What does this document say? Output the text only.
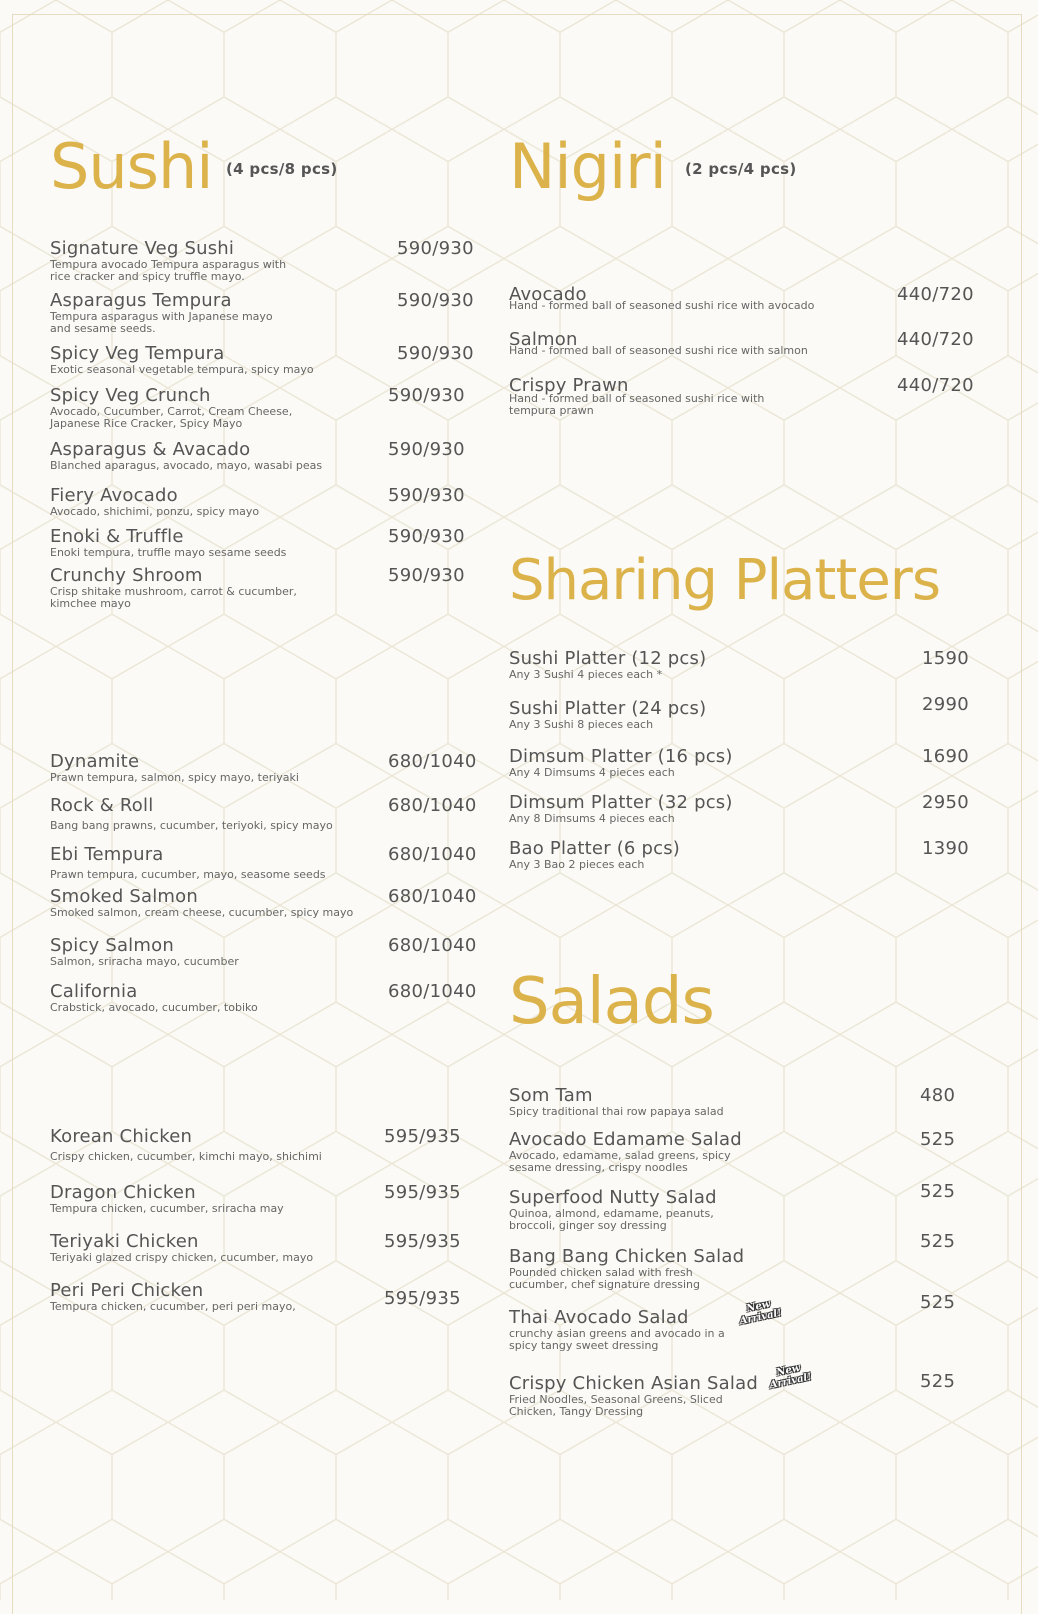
Sushi (4 pcs/8 pcs)	Nigiri (2 pcs/4 pcs)
Sharing Platters
Salads
Signature Veg Sushi
Tempura avocado Tempura asparagus with
rice cracker and spicy truffle mayo.
590/930
Asparagus Tempura
Tempura asparagus with Japanese mayo
and sesame seeds.
590/930
Spicy Veg Tempura
Exotic seasonal vegetable tempura, spicy mayo
590/930
Spicy Veg Crunch
Avocado, Cucumber, Carrot, Cream Cheese,
Japanese Rice Cracker, Spicy Mayo
590/930
Asparagus & Avacado
Blanched aparagus, avocado, mayo, wasabi peas
590/930
Fiery Avocado
Avocado, shichimi, ponzu, spicy mayo
590/930
Enoki & Truffle
Enoki tempura, truffle mayo sesame seeds
590/930
Crunchy Shroom
Crisp shitake mushroom, carrot & cucumber,
kimchee mayo
590/930
Dynamite
Prawn tempura, salmon, spicy mayo, teriyaki
680/1040
Rock & Roll
Bang bang prawns, cucumber, teriyoki, spicy mayo
680/1040
Ebi Tempura
Prawn tempura, cucumber, mayo, seasome seeds
680/1040
Smoked Salmon
Smoked salmon, cream cheese, cucumber, spicy mayo
680/1040
Spicy Salmon
Salmon, sriracha mayo, cucumber
680/1040
California
Crabstick, avocado, cucumber, tobiko
680/1040
Korean Chicken
Crispy chicken, cucumber, kimchi mayo, shichimi
595/935
Dragon Chicken
Tempura chicken, cucumber, sriracha may
595/935
Teriyaki Chicken
Teriyaki glazed crispy chicken, cucumber, mayo
595/935
Peri Peri Chicken
Tempura chicken, cucumber, peri peri mayo,	595/935
Avocado
Hand - formed ball of seasoned sushi rice with avocado
440/720
Salmon
Hand - formed ball of seasoned sushi rice with salmon
440/720
Crispy Prawn
Hand - formed ball of seasoned sushi rice with
tempura prawn
440/720
Sushi Platter (12 pcs)
Any 3 Sushi 4 pieces each *
1590
Sushi Platter (24 pcs)
Any 3 Sushi 8 pieces each
2990
Dimsum Platter (16 pcs)
Any 4 Dimsums 4 pieces each
1690
Dimsum Platter (32 pcs)
Any 8 Dimsums 4 pieces each
2950
Bao Platter (6 pcs)
Any 3 Bao 2 pieces each
1390
Som Tam
Spicy traditional thai row papaya salad
480
Avocado Edamame Salad
Avocado, edamame, salad greens, spicy
sesame dressing, crispy noodles
525
Superfood Nutty Salad
Quinoa, almond, edamame, peanuts,
broccoli, ginger soy dressing
525
Bang Bang Chicken Salad
Pounded chicken salad with fresh
cucumber, chef signature dressing
525
Thai Avocado Salad
crunchy asian greens and avocado in a
spicy tangy sweet dressing
New Arrival!
525
Crispy Chicken Asian Salad
Fried Noodles, Seasonal Greens, Sliced
Chicken, Tangy Dressing
New Arrival!	525
